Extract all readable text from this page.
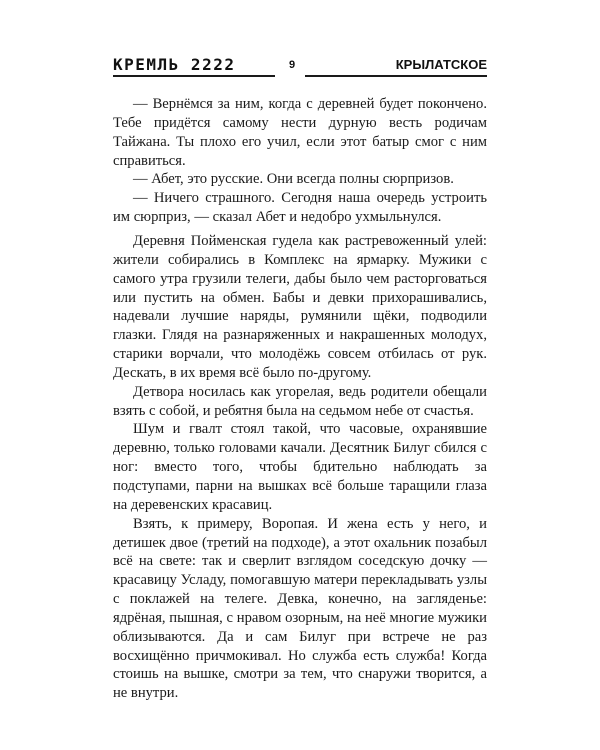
КРЕМЛЬ 2222	9	КРЫЛАТСКОЕ

— Вернёмся за ним, когда с деревней будет покончено. Тебе придётся самому нести дурную весть родичам Тайжана. Ты плохо его учил, если этот батыр смог с ним справиться.

— Абет, это русские. Они всегда полны сюрпризов.

— Ничего страшного. Сегодня наша очередь устроить им сюрприз, — сказал Абет и недобро ухмыльнулся.

Деревня Пойменская гудела как растревоженный улей: жители собирались в Комплекс на ярмарку. Мужики с самого утра грузили телеги, дабы было чем расторговаться или пустить на обмен. Бабы и девки прихорашивались, надевали лучшие наряды, румянили щёки, подводили глазки. Глядя на разнаряженных и накрашенных молодух, старики ворчали, что молодёжь совсем отбилась от рук. Дескать, в их время всё было по-другому.

Детвора носилась как угорелая, ведь родители обещали взять с собой, и ребятня была на седьмом небе от счастья.

Шум и гвалт стоял такой, что часовые, охранявшие деревню, только головами качали. Десятник Билуг сбился с ног: вместо того, чтобы бдительно наблюдать за подступами, парни на вышках всё больше таращили глаза на деревенских красавиц.

Взять, к примеру, Воропая. И жена есть у него, и детишек двое (третий на подходе), а этот охальник позабыл всё на свете: так и сверлит взглядом соседскую дочку — красавицу Усладу, помогавшую матери перекладывать узлы с поклажей на телеге. Девка, конечно, на загляденье: ядрёная, пышная, с нравом озорным, на неё многие мужики облизываются. Да и сам Билуг при встрече не раз восхищённо причмокивал. Но служба есть служба! Когда стоишь на вышке, смотри за тем, что снаружи творится, а не внутри.
